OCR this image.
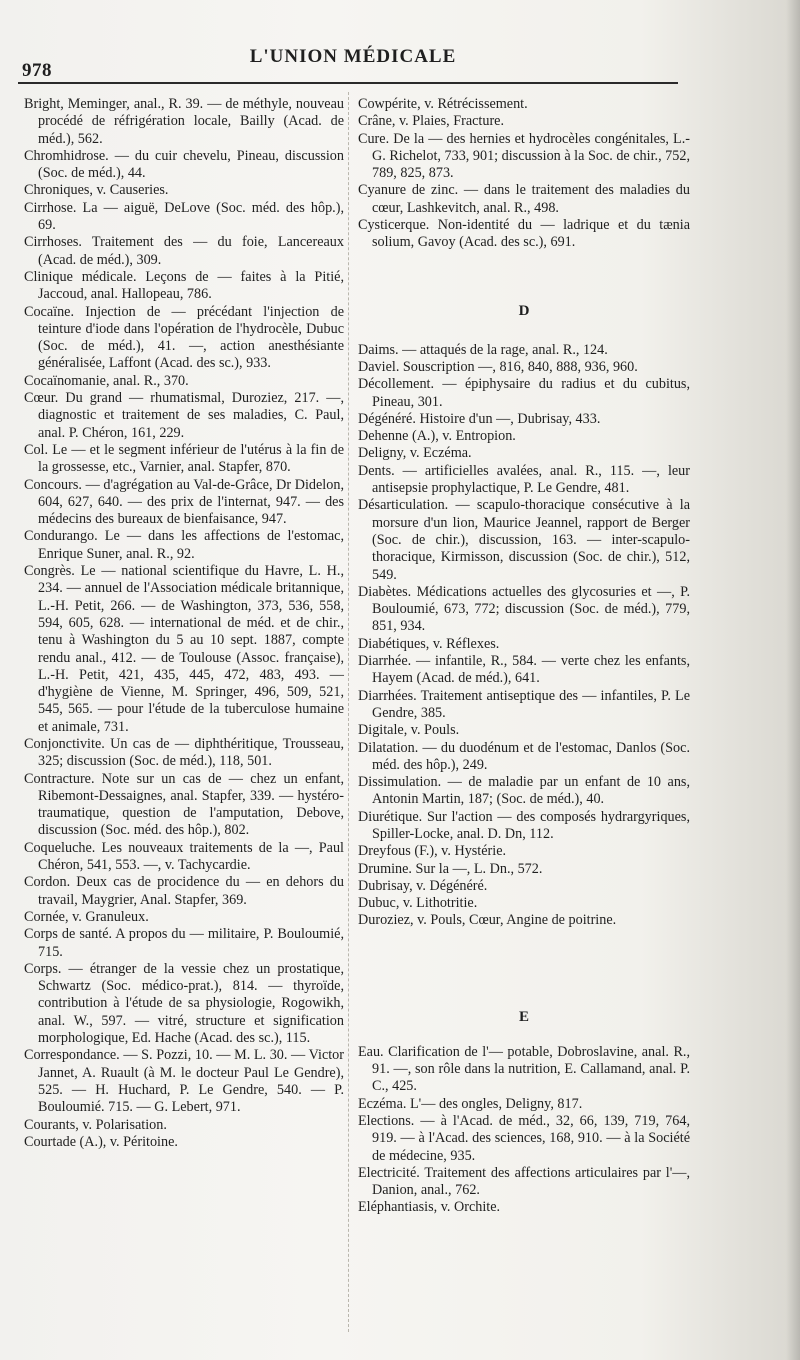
978
L'UNION MÉDICALE

Bright, Meminger, anal., R. 39. — de méthyle, nouveau procédé de réfrigération locale, Bailly (Acad. de méd.), 562.

Chromhidrose. — du cuir chevelu, Pineau, discussion (Soc. de méd.), 44.

Chroniques, v. Causeries.

Cirrhose. La — aiguë, DeLove (Soc. méd. des hôp.), 69.

Cirrhoses. Traitement des — du foie, Lancereaux (Acad. de méd.), 309.

Clinique médicale. Leçons de — faites à la Pitié, Jaccoud, anal. Hallopeau, 786.

Cocaïne. Injection de — précédant l'injection de teinture d'iode dans l'opération de l'hydrocèle, Dubuc (Soc. de méd.), 41. —, action anesthésiante généralisée, Laffont (Acad. des sc.), 933.

Cocaïnomanie, anal. R., 370.

Cœur. Du grand — rhumatismal, Duroziez, 217. —, diagnostic et traitement de ses maladies, C. Paul, anal. P. Chéron, 161, 229.

Col. Le — et le segment inférieur de l'utérus à la fin de la grossesse, etc., Varnier, anal. Stapfer, 870.

Concours. — d'agrégation au Val-de-Grâce, Dr Didelon, 604, 627, 640. — des prix de l'internat, 947. — des médecins des bureaux de bienfaisance, 947.

Condurango. Le — dans les affections de l'estomac, Enrique Suner, anal. R., 92.

Congrès. Le — national scientifique du Havre, L. H., 234. — annuel de l'Association médicale britannique, L.-H. Petit, 266. — de Washington, 373, 536, 558, 594, 605, 628. — international de méd. et de chir., tenu à Washington du 5 au 10 sept. 1887, compte rendu anal., 412. — de Toulouse (Assoc. française), L.-H. Petit, 421, 435, 445, 472, 483, 493. — d'hygiène de Vienne, M. Springer, 496, 509, 521, 545, 565. — pour l'étude de la tuberculose humaine et animale, 731.

Conjonctivite. Un cas de — diphthéritique, Trousseau, 325; discussion (Soc. de méd.), 118, 501.

Contracture. Note sur un cas de — chez un enfant, Ribemont-Dessaignes, anal. Stapfer, 339. — hystéro-traumatique, question de l'amputation, Debove, discussion (Soc. méd. des hôp.), 802.

Coqueluche. Les nouveaux traitements de la —, Paul Chéron, 541, 553. —, v. Tachycardie.

Cordon. Deux cas de procidence du — en dehors du travail, Maygrier, Anal. Stapfer, 369.

Cornée, v. Granuleux.

Corps de santé. A propos du — militaire, P. Bouloumié, 715.

Corps. — étranger de la vessie chez un prostatique, Schwartz (Soc. médico-prat.), 814. — thyroïde, contribution à l'étude de sa physiologie, Rogowikh, anal. W., 597. — vitré, structure et signification morphologique, Ed. Hache (Acad. des sc.), 115.

Correspondance. — S. Pozzi, 10. — M. L. 30. — Victor Jannet, A. Ruault (à M. le docteur Paul Le Gendre), 525. — H. Huchard, P. Le Gendre, 540. — P. Bouloumié. 715. — G. Lebert, 971.

Courants, v. Polarisation.

Courtade (A.), v. Péritoine.

Cowpérite, v. Rétrécissement.

Crâne, v. Plaies, Fracture.

Cure. De la — des hernies et hydrocèles congénitales, L.-G. Richelot, 733, 901; discussion à la Soc. de chir., 752, 789, 825, 873.

Cyanure de zinc. — dans le traitement des maladies du cœur, Lashkevitch, anal. R., 498.

Cysticerque. Non-identité du — ladrique et du tænia solium, Gavoy (Acad. des sc.), 691.

D

Daims. — attaqués de la rage, anal. R., 124.

Daviel. Souscription —, 816, 840, 888, 936, 960.

Décollement. — épiphysaire du radius et du cubitus, Pineau, 301.

Dégénéré. Histoire d'un —, Dubrisay, 433.

Dehenne (A.), v. Entropion.

Deligny, v. Eczéma.

Dents. — artificielles avalées, anal. R., 115. —, leur antisepsie prophylactique, P. Le Gendre, 481.

Désarticulation. — scapulo-thoracique consécutive à la morsure d'un lion, Maurice Jeannel, rapport de Berger (Soc. de chir.), discussion, 163. — inter-scapulo-thoracique, Kirmisson, discussion (Soc. de chir.), 512, 549.

Diabètes. Médications actuelles des glycosuries et —, P. Bouloumié, 673, 772; discussion (Soc. de méd.), 779, 851, 934.

Diabétiques, v. Réflexes.

Diarrhée. — infantile, R., 584. — verte chez les enfants, Hayem (Acad. de méd.), 641.

Diarrhées. Traitement antiseptique des — infantiles, P. Le Gendre, 385.

Digitale, v. Pouls.

Dilatation. — du duodénum et de l'estomac, Danlos (Soc. méd. des hôp.), 249.

Dissimulation. — de maladie par un enfant de 10 ans, Antonin Martin, 187; (Soc. de méd.), 40.

Diurétique. Sur l'action — des composés hydrargyriques, Spiller-Locke, anal. D. Dn, 112.

Dreyfous (F.), v. Hystérie.

Drumine. Sur la —, L. Dn., 572.

Dubrisay, v. Dégénéré.

Dubuc, v. Lithotritie.

Duroziez, v. Pouls, Cœur, Angine de poitrine.

E

Eau. Clarification de l'— potable, Dobroslavine, anal. R., 91. —, son rôle dans la nutrition, E. Callamand, anal. P. C., 425.

Eczéma. L'— des ongles, Deligny, 817.

Elections. — à l'Acad. de méd., 32, 66, 139, 719, 764, 919. — à l'Acad. des sciences, 168, 910. — à la Société de médecine, 935.

Electricité. Traitement des affections articulaires par l'—, Danion, anal., 762.

Eléphantiasis, v. Orchite.
